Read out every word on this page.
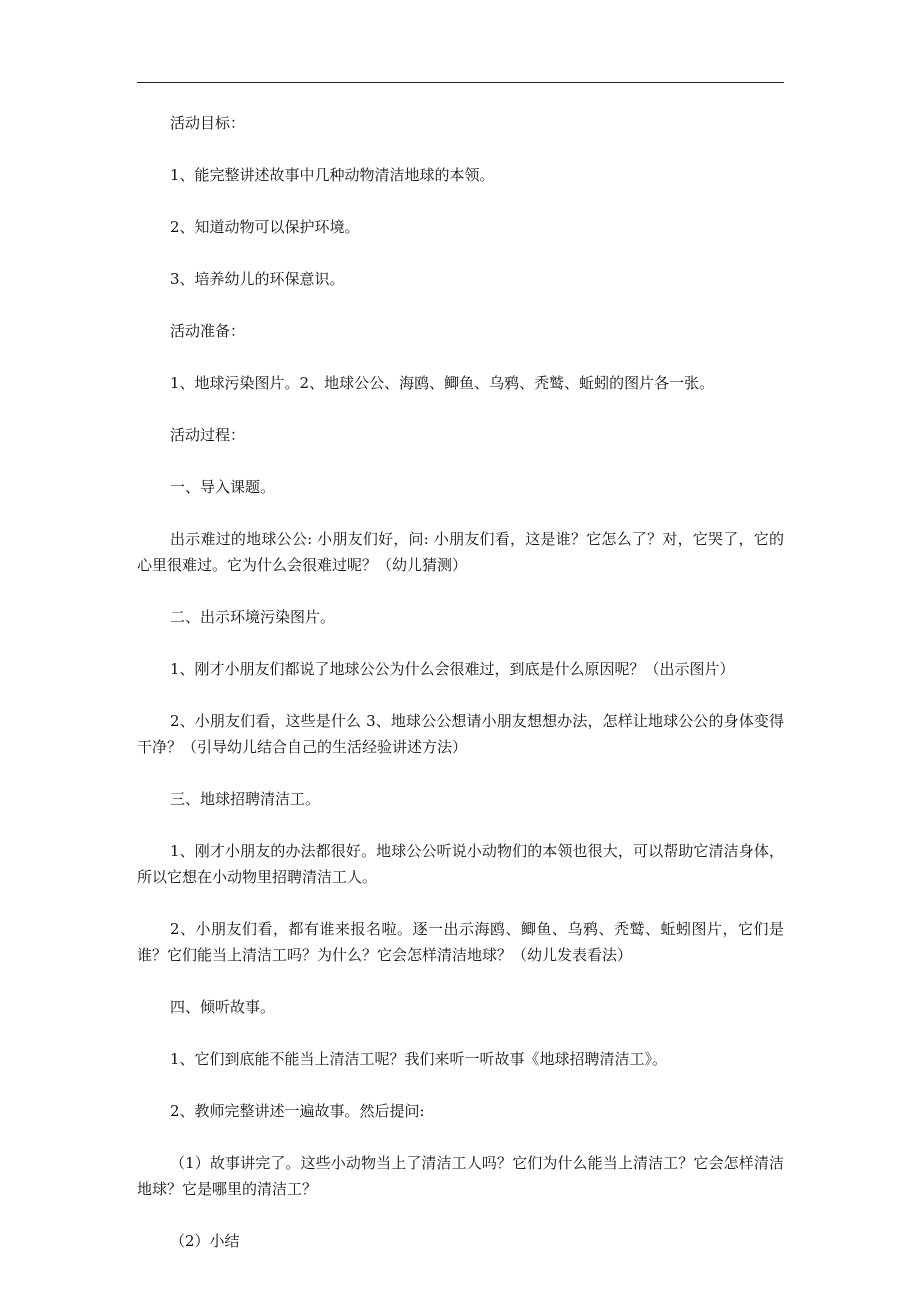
活动目标：

1、能完整讲述故事中几种动物清洁地球的本领。

2、知道动物可以保护环境。

3、培养幼儿的环保意识。

活动准备：

1、地球污染图片。2、地球公公、海鸥、鲫鱼、乌鸦、秃鹫、蚯蚓的图片各一张。

活动过程：

一、导入课题。

出示难过的地球公公: 小朋友们好，问: 小朋友们看，这是谁？它怎么了？对，它哭了，它的心里很难过。它为什么会很难过呢？（幼儿猜测）

二、出示环境污染图片。

1、刚才小朋友们都说了地球公公为什么会很难过，到底是什么原因呢？（出示图片）

2、小朋友们看，这些是什么 3、地球公公想请小朋友想想办法，怎样让地球公公的身体变得干净？（引导幼儿结合自己的生活经验讲述方法）

三、地球招聘清洁工。

1、刚才小朋友的办法都很好。地球公公听说小动物们的本领也很大，可以帮助它清洁身体，所以它想在小动物里招聘清洁工人。

2、小朋友们看，都有谁来报名啦。逐一出示海鸥、鲫鱼、乌鸦、秃鹫、蚯蚓图片，它们是谁？它们能当上清洁工吗？为什么？它会怎样清洁地球？（幼儿发表看法）

四、倾听故事。

1、它们到底能不能当上清洁工呢？我们来听一听故事《地球招聘清洁工》。

2、教师完整讲述一遍故事。然后提问:

（1）故事讲完了。这些小动物当上了清洁工人吗？它们为什么能当上清洁工？它会怎样清洁地球？它是哪里的清洁工？

（2）小结
